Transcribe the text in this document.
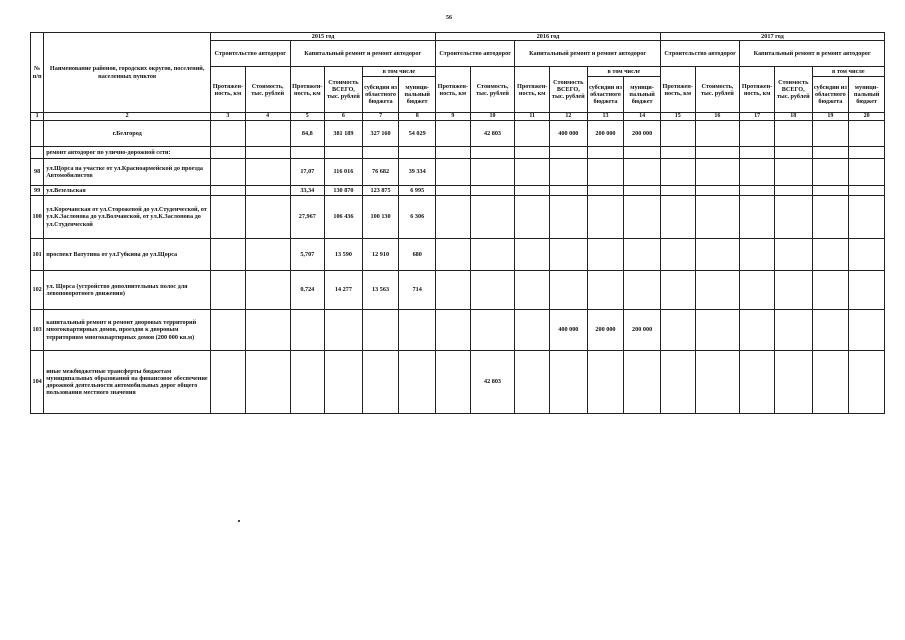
56
№
п/п	Наименование районов, городских округов, поселений, населенных пунктов	2015 год						2016 год						2017 год					
		Строительство автодорог		Капитальный ремонт и ремонт автодорог				Строительство автодорог		Капитальный ремонт и ремонт автодорог				Строительство автодорог		Капитальный ремонт и ремонт автодорог			
		Протяжен-ность, км	Стоимость, тыс. рублей	Протяжен-ность, км	Стоимость ВСЕГО, тыс. рублей	в том числе		Протяжен-ность, км	Стоимость, тыс. рублей	Протяжен-ность, км	Стоимость ВСЕГО, тыс. рублей	в том числе		Протяжен-ность, км	Стоимость, тыс. рублей	Протяжен-ность, км	Стоимость ВСЕГО, тыс. рублей	в том числе	
						субсидии из областного бюджета	муници-пальный бюджет					субсидии из областного бюджета	муници-пальный бюджет					субсидии из областного бюджета	муници-пальный бюджет
1	2	3	4	5	6	7	8	9	10	11	12	13	14	15	16	17	18	19	20
	г.Белгород			84,8	381 189	327 160	54 029		42 803		400 000	200 000	200 000						
	ремонт автодорог по улично-дорожной сети:																		
98	ул.Щорса на участке от ул.Красноармейской до проезда Автомобилистов			17,07	116 016	76 682	39 334												
99	ул.Везельская			33,34	130 870	123 875	6 995												
100	ул.Корочанская от ул.Сторожевой до ул.Студенческой, от ул.К.Заслонова до ул.Волчанской, от ул.К.Заслонова до ул.Студенческой			27,967	106 436	100 130	6 306												
101	проспект Ватутина от ул.Губкина до ул.Щорса			5,707	13 590	12 910	680												
102	ул. Щорса (устройство дополнительных полос для левоповоротного движения)			0,724	14 277	13 563	714												
103	капитальный ремонт и ремонт дворовых территорий многоквартирных домов, проездов к дворовым территориям многоквартирных домов (200 000 кв.м)										400 000	200 000	200 000						
104	иные межбюджетные трансферты бюджетам муниципальных образований на финансовое обеспечение дорожной деятельности автомобильных дорог общего пользования местного значения								42 803										
